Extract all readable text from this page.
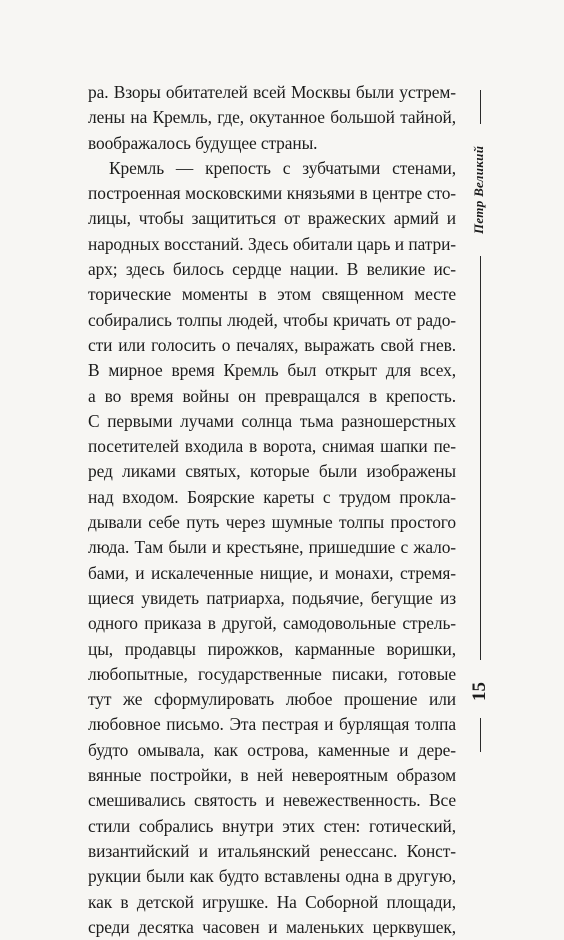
ра. Взоры обитателей всей Москвы были устрем-
лены на Кремль, где, окутанное большой тайной,
воображалось будущее страны.
Кремль — крепость с зубчатыми стенами,
построенная московскими князьями в центре сто-
лицы, чтобы защититься от вражеских армий и
народных восстаний. Здесь обитали царь и патри-
арх; здесь билось сердце нации. В великие ис-
торические моменты в этом священном месте
собирались толпы людей, чтобы кричать от радо-
сти или голосить о печалях, выражать свой гнев.
В мирное время Кремль был открыт для всех,
а во время войны он превращался в крепость.
С первыми лучами солнца тьма разношерстных
посетителей входила в ворота, снимая шапки пе-
ред ликами святых, которые были изображены
над входом. Боярские кареты с трудом прокла-
дывали себе путь через шумные толпы простого
люда. Там были и крестьяне, пришедшие с жало-
бами, и искалеченные нищие, и монахи, стремя-
щиеся увидеть патриарха, подьячие, бегущие из
одного приказа в другой, самодовольные стрель-
цы, продавцы пирожков, карманные воришки,
любопытные, государственные писаки, готовые
тут же сформулировать любое прошение или
любовное письмо. Эта пестрая и бурлящая толпа
будто омывала, как острова, каменные и дере-
вянные постройки, в ней невероятным образом
смешивались святость и невежественность. Все
стили собрались внутри этих стен: готический,
византийский и итальянский ренессанс. Конст-
рукции были как будто вставлены одна в другую,
как в детской игрушке. На Соборной площади,
среди десятка часовен и маленьких церквушек,
Петр Великий
15
